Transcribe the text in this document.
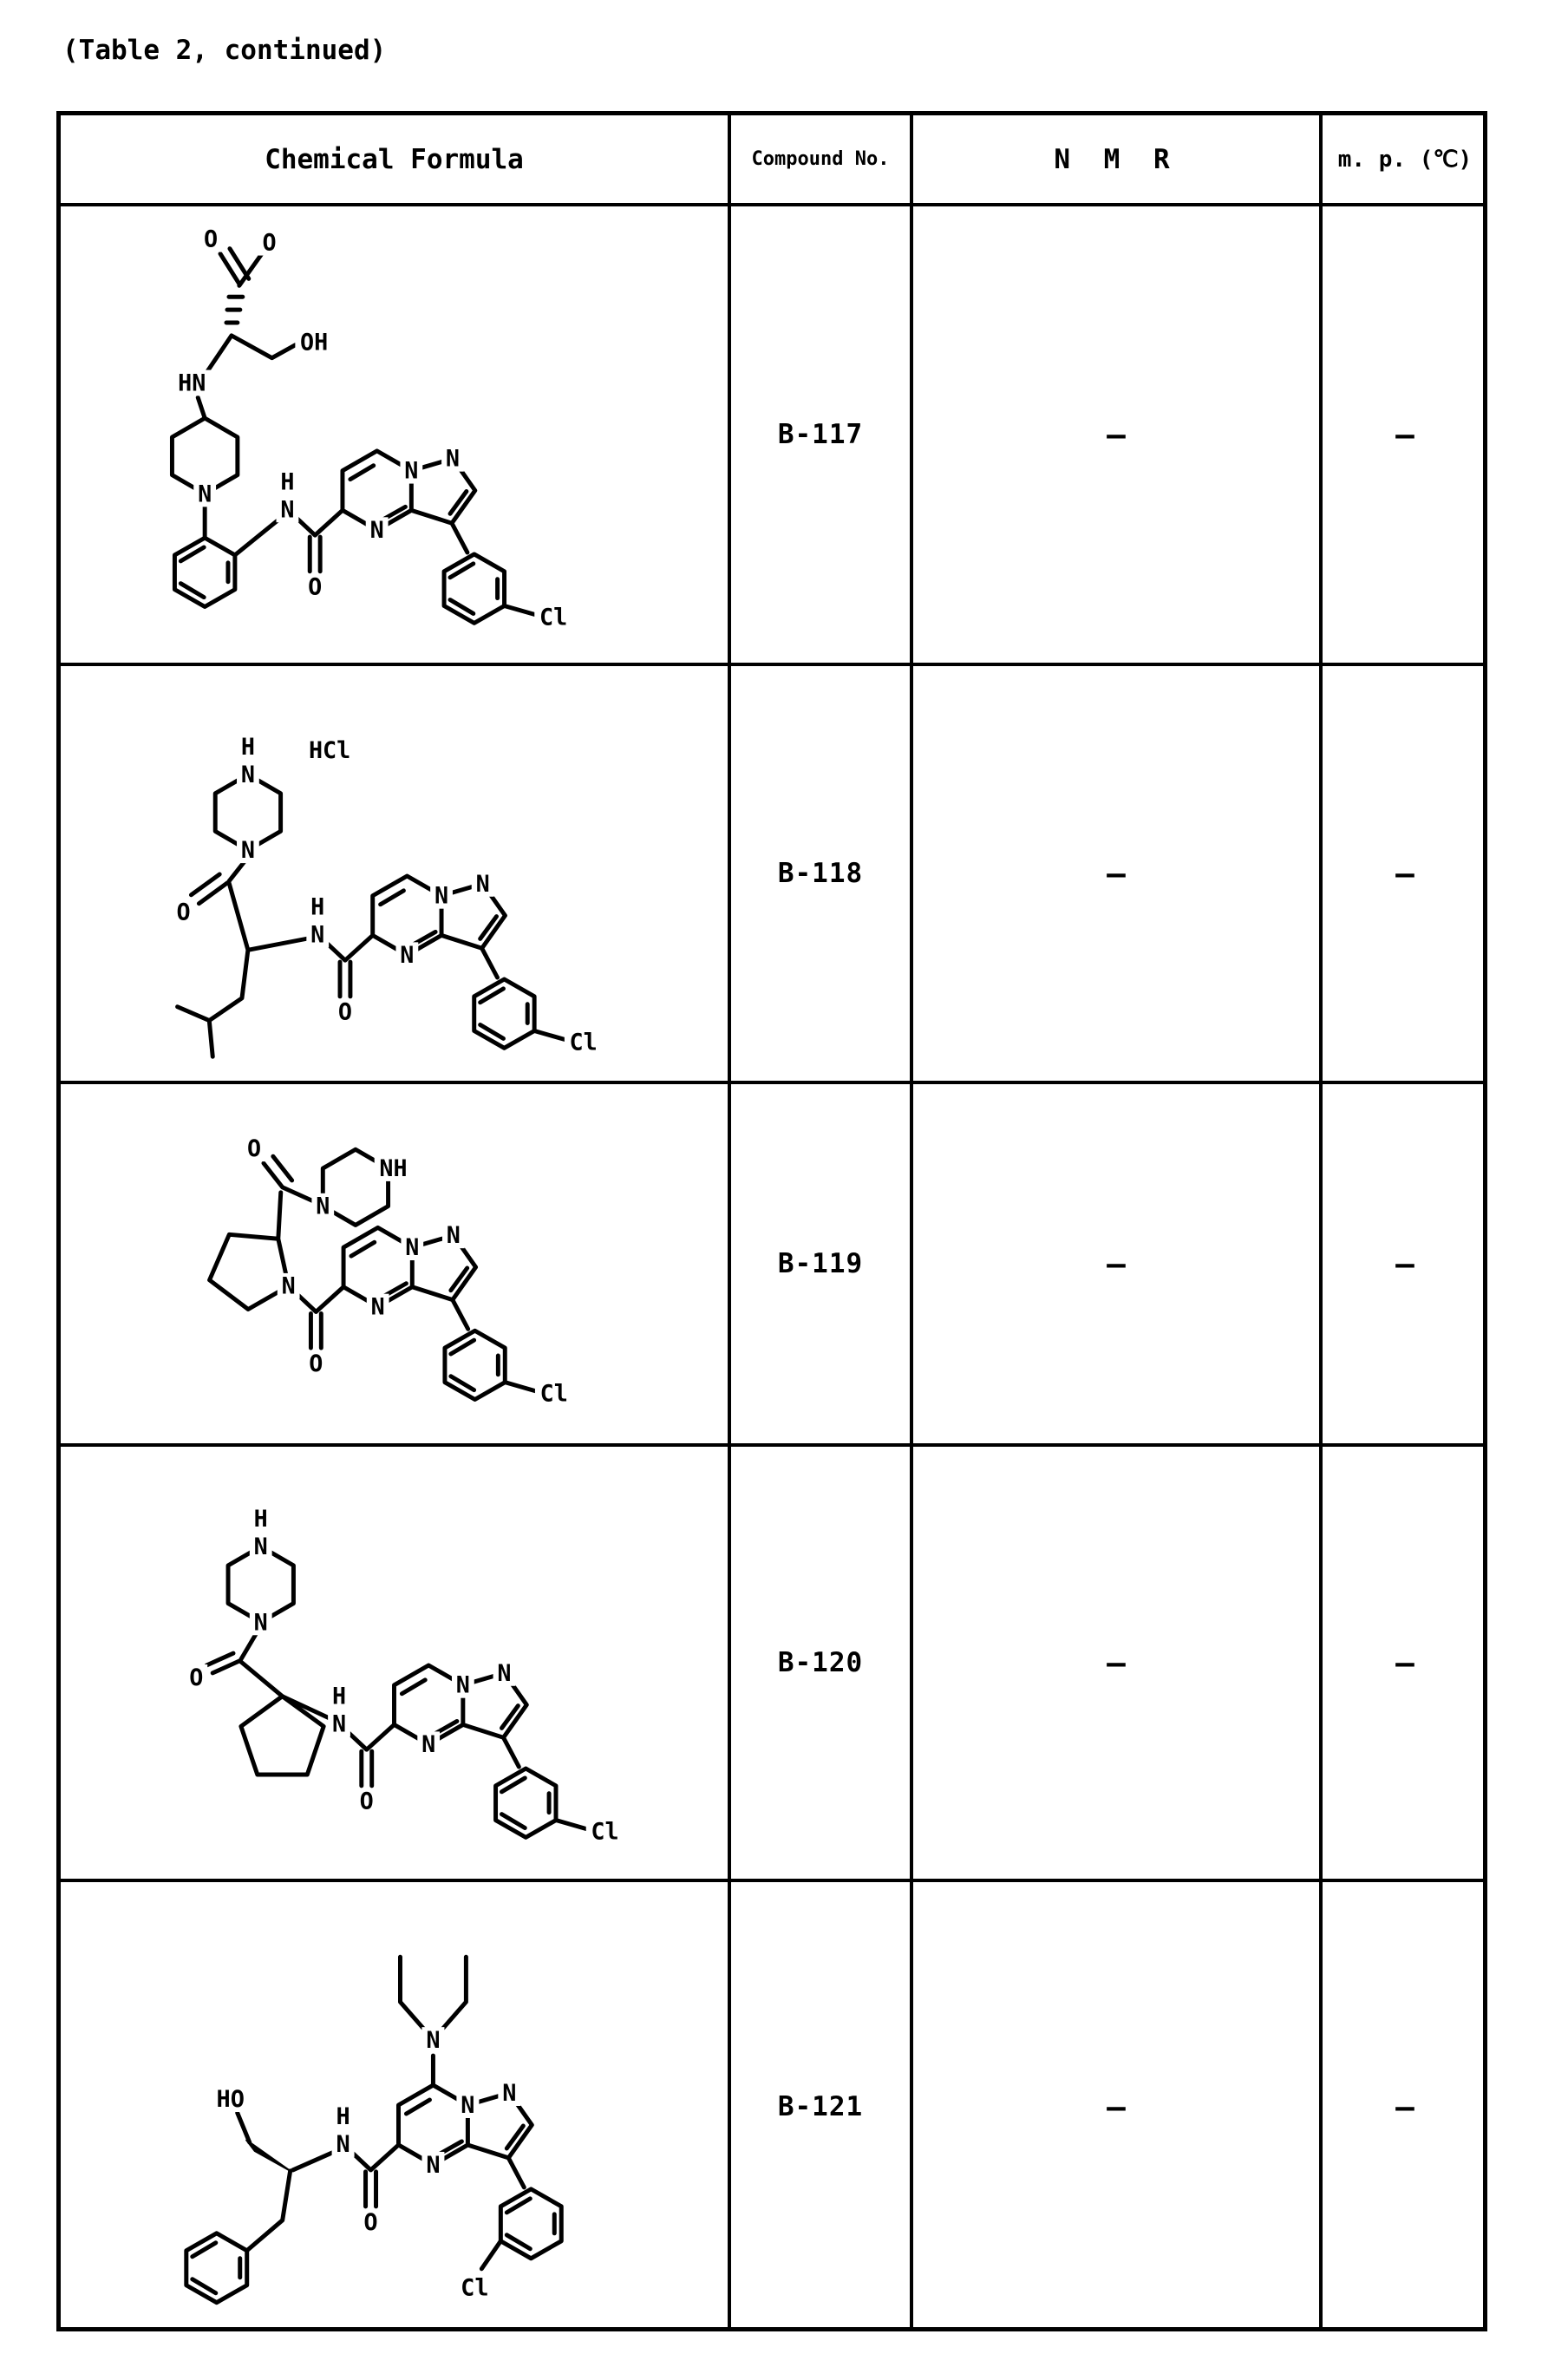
(Table 2, continued)
Chemical Formula	Compound No.	N M R	m. p. (℃)
O O
OH
HN
N	H
N
O
N
N N
Cl
B-117	–	–
H HCl
N
N
O	H
N
O
N
N N
Cl
B-118	–	–
O
N
NH
N
O
N
N N
Cl
B-119	–	–
H
N
N
O
H
N
O
N
N N
Cl
B-120	–	–
HO
N
H
N
O
N
N N
Cl
B-121	–	–
